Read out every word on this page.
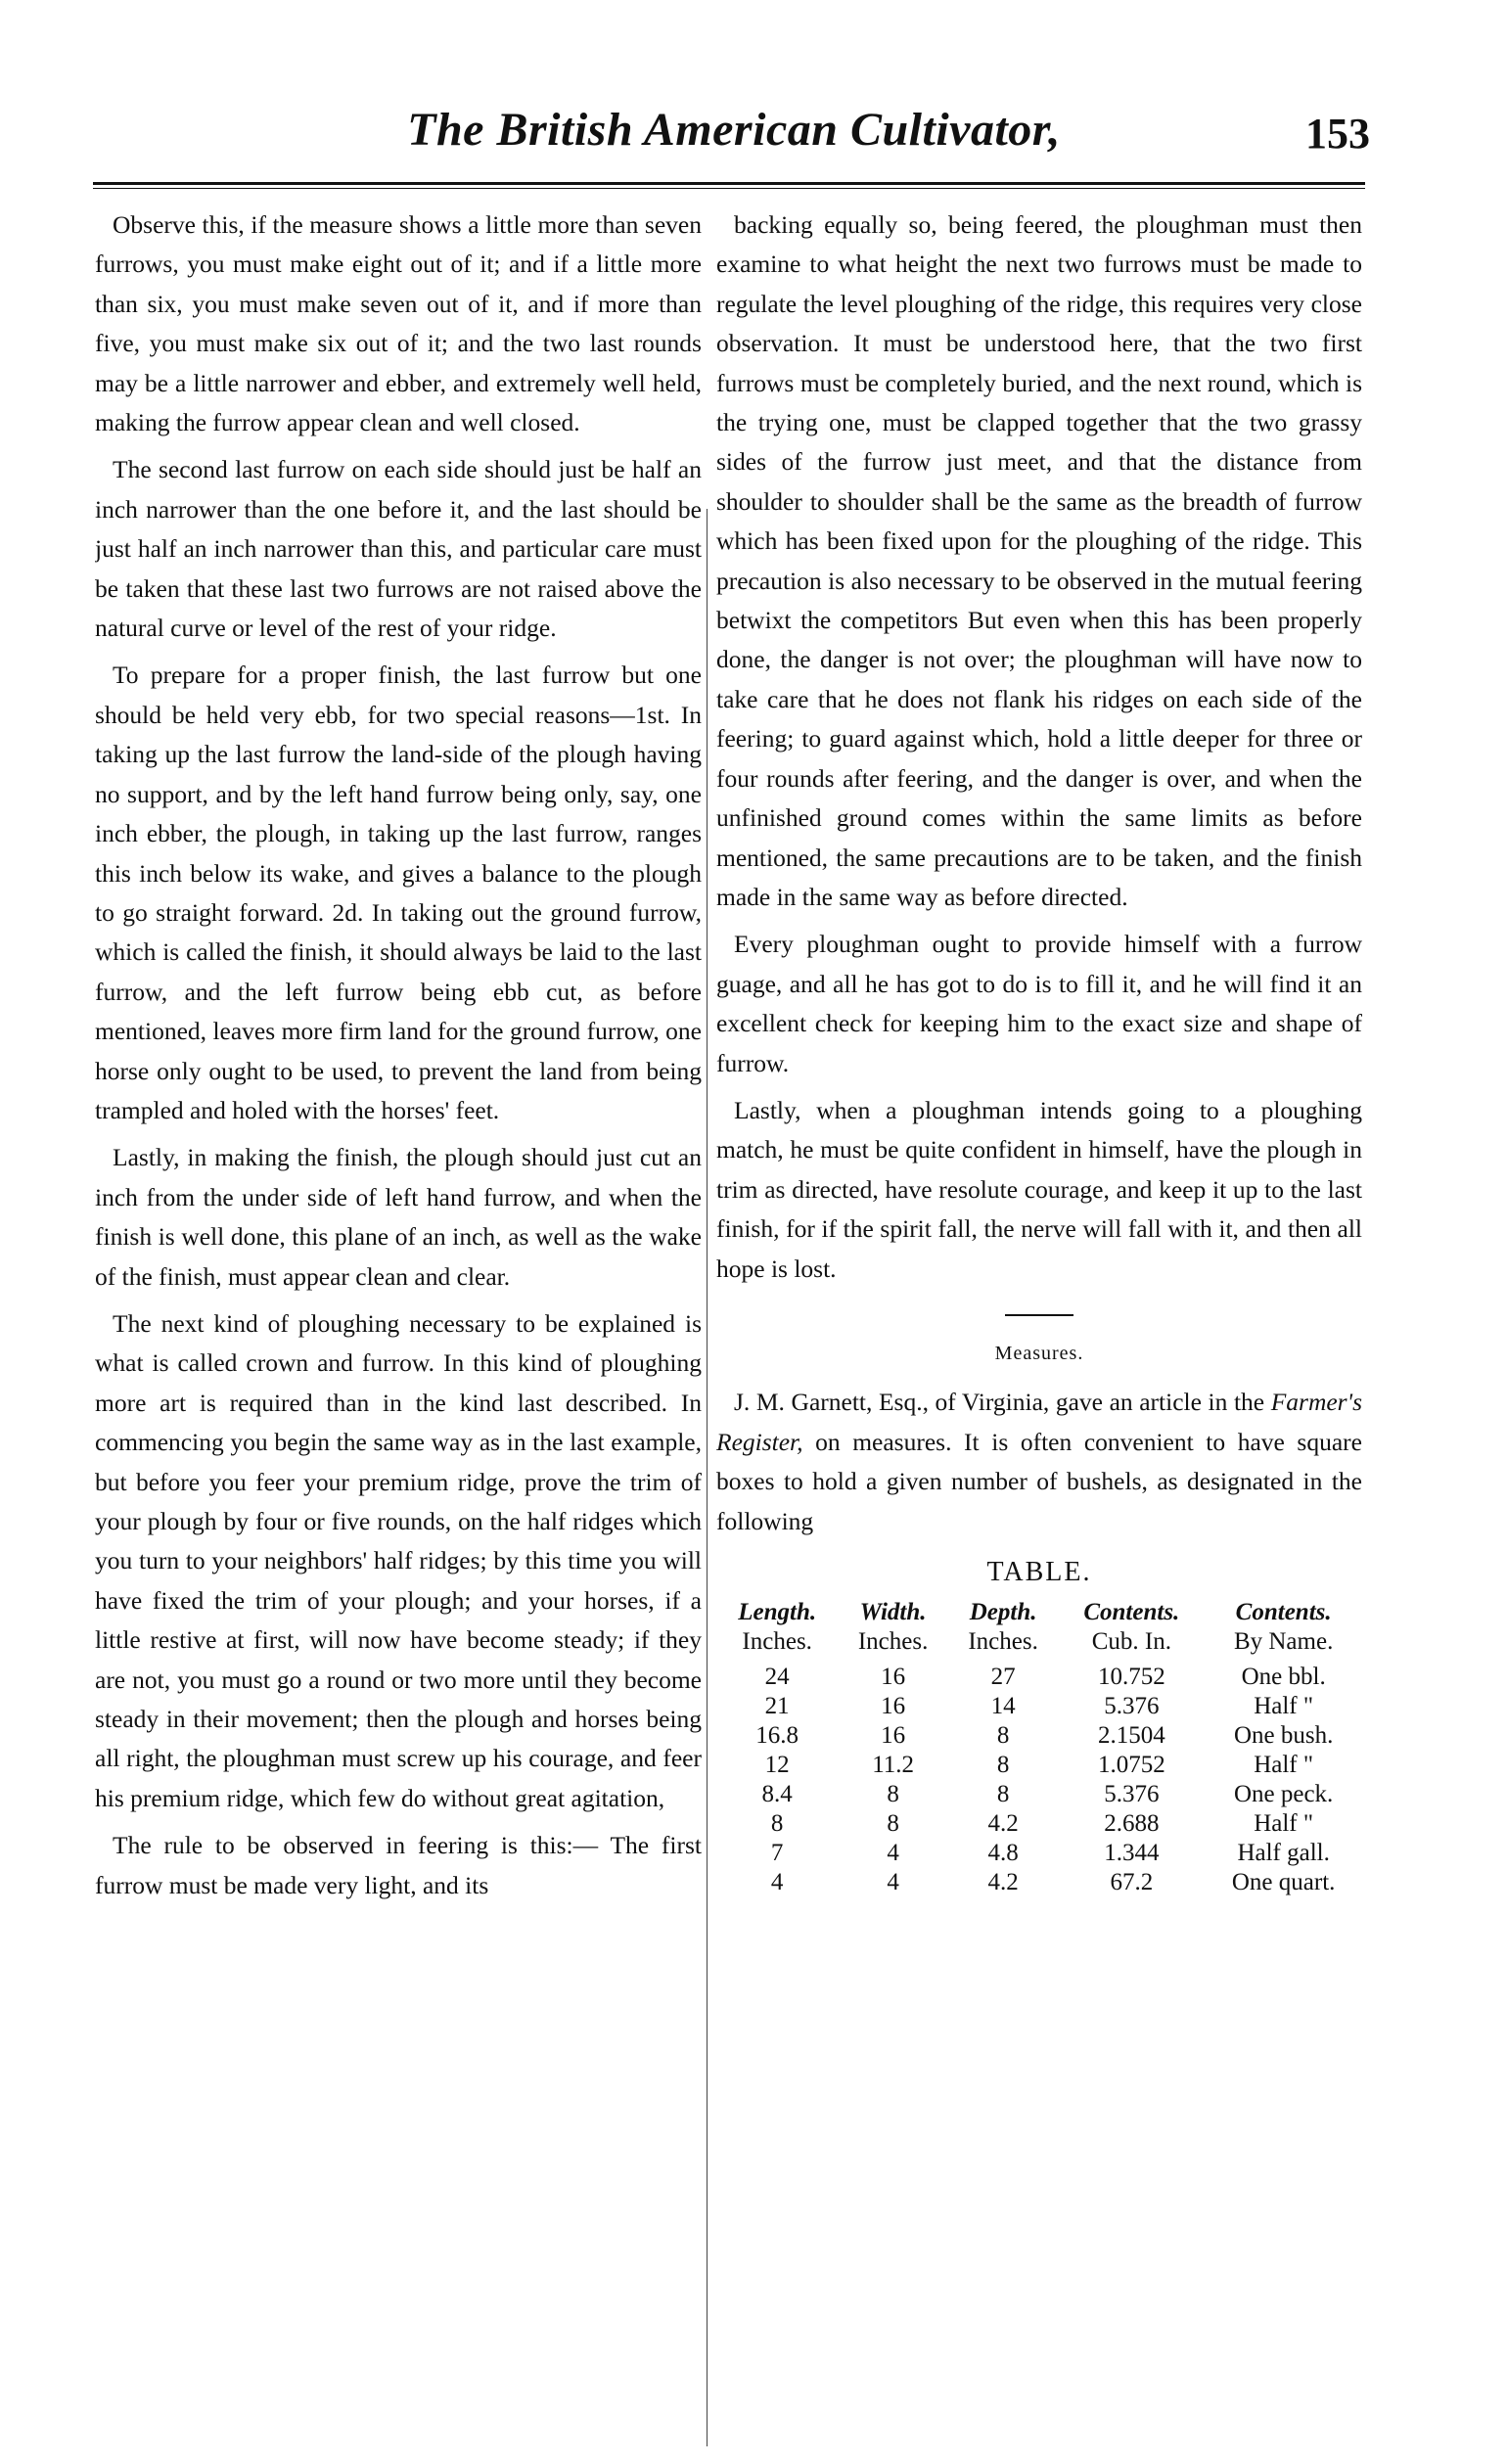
The British American Cultivator,	153

Observe this, if the measure shows a little more than seven furrows, you must make eight out of it; and if a little more than six, you must make seven out of it, and if more than five, you must make six out of it; and the two last rounds may be a little narrower and ebber, and extremely well held, making the furrow appear clean and well closed.

The second last furrow on each side should just be half an inch narrower than the one before it, and the last should be just half an inch narrower than this, and particular care must be taken that these last two furrows are not raised above the natural curve or level of the rest of your ridge.

To prepare for a proper finish, the last furrow but one should be held very ebb, for two special reasons—1st. In taking up the last furrow the land-side of the plough having no support, and by the left hand furrow being only, say, one inch ebber, the plough, in taking up the last furrow, ranges this inch below its wake, and gives a balance to the plough to go straight forward. 2d. In taking out the ground furrow, which is called the finish, it should always be laid to the last furrow, and the left furrow being ebb cut, as before mentioned, leaves more firm land for the ground furrow, one horse only ought to be used, to prevent the land from being trampled and holed with the horses' feet.

Lastly, in making the finish, the plough should just cut an inch from the under side of left hand furrow, and when the finish is well done, this plane of an inch, as well as the wake of the finish, must appear clean and clear.

The next kind of ploughing necessary to be explained is what is called crown and furrow. In this kind of ploughing more art is required than in the kind last described. In commencing you begin the same way as in the last example, but before you feer your premium ridge, prove the trim of your plough by four or five rounds, on the half ridges which you turn to your neighbors' half ridges; by this time you will have fixed the trim of your plough; and your horses, if a little restive at first, will now have become steady; if they are not, you must go a round or two more until they become steady in their movement; then the plough and horses being all right, the ploughman must screw up his courage, and feer his premium ridge, which few do without great agitation,

The rule to be observed in feering is this:— The first furrow must be made very light, and its

backing equally so, being feered, the ploughman must then examine to what height the next two furrows must be made to regulate the level ploughing of the ridge, this requires very close observation. It must be understood here, that the two first furrows must be completely buried, and the next round, which is the trying one, must be clapped together that the two grassy sides of the furrow just meet, and that the distance from shoulder to shoulder shall be the same as the breadth of furrow which has been fixed upon for the ploughing of the ridge. This precaution is also necessary to be observed in the mutual feering betwixt the competitors But even when this has been properly done, the danger is not over; the ploughman will have now to take care that he does not flank his ridges on each side of the feering; to guard against which, hold a little deeper for three or four rounds after feering, and the danger is over, and when the unfinished ground comes within the same limits as before mentioned, the same precautions are to be taken, and the finish made in the same way as before directed.

Every ploughman ought to provide himself with a furrow guage, and all he has got to do is to fill it, and he will find it an excellent check for keeping him to the exact size and shape of furrow.

Lastly, when a ploughman intends going to a ploughing match, he must be quite confident in himself, have the plough in trim as directed, have resolute courage, and keep it up to the last finish, for if the spirit fall, the nerve will fall with it, and then all hope is lost.

Measures.

J. M. Garnett, Esq., of Virginia, gave an article in the Farmer's Register, on measures. It is often convenient to have square boxes to hold a given number of bushels, as designated in the following

TABLE.
Length.	Width.	Depth.	Contents.	Contents.
Inches.	Inches.	Inches.	Cub. In.	By Name.
24	16	27	10.752	One bbl.
21	16	14	5.376	Half "
16.8	16	8	2.1504	One bush.
12	11.2	8	1.0752	Half "
8.4	8	8	5.376	One peck.
8	8	4.2	2.688	Half "
7	4	4.8	1.344	Half gall.
4	4	4.2	67.2	One quart.
